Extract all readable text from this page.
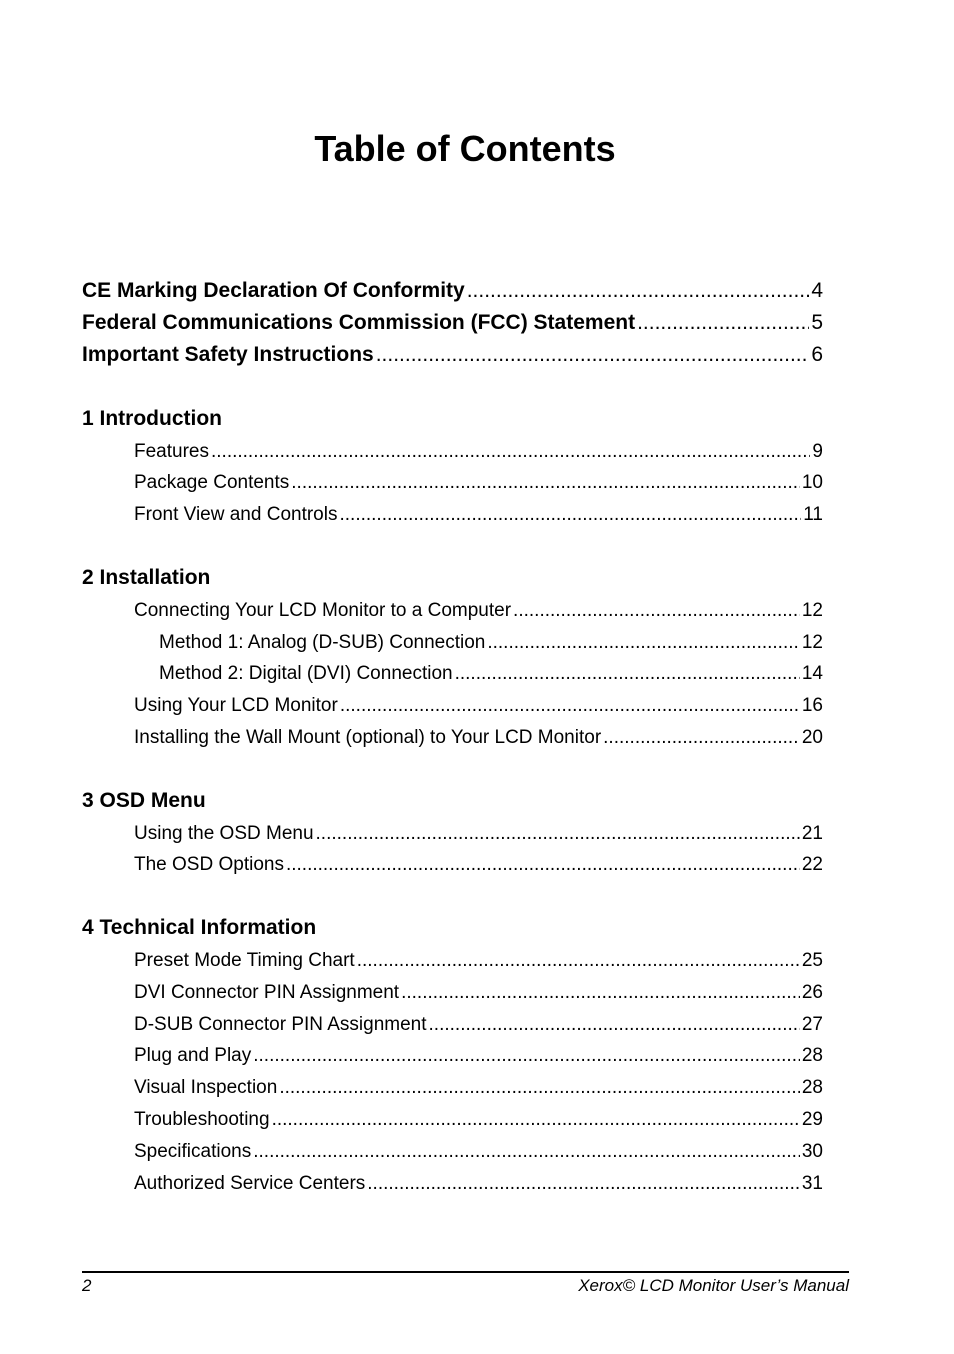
Table of Contents
CE Marking Declaration Of Conformity .....	4
Federal Communications Commission (FCC) Statement .....	5
Important Safety Instructions .....	6
1 Introduction
Features .....	9
Package Contents .....	10
Front View and Controls .....	11
2 Installation
Connecting Your LCD Monitor to a Computer .....	12
Method 1: Analog (D-SUB) Connection .....	12
Method 2: Digital (DVI) Connection .....	14
Using Your LCD Monitor .....	16
Installing the Wall Mount (optional) to Your LCD Monitor .....	20
3 OSD Menu
Using the OSD Menu .....	21
The OSD Options .....	22
4 Technical Information
Preset Mode Timing Chart .....	25
DVI Connector PIN Assignment .....	26
D-SUB Connector PIN Assignment .....	27
Plug and Play .....	28
Visual Inspection .....	28
Troubleshooting .....	29
Specifications .....	30
Authorized Service Centers .....	31
2	Xerox© LCD Monitor User’s Manual
